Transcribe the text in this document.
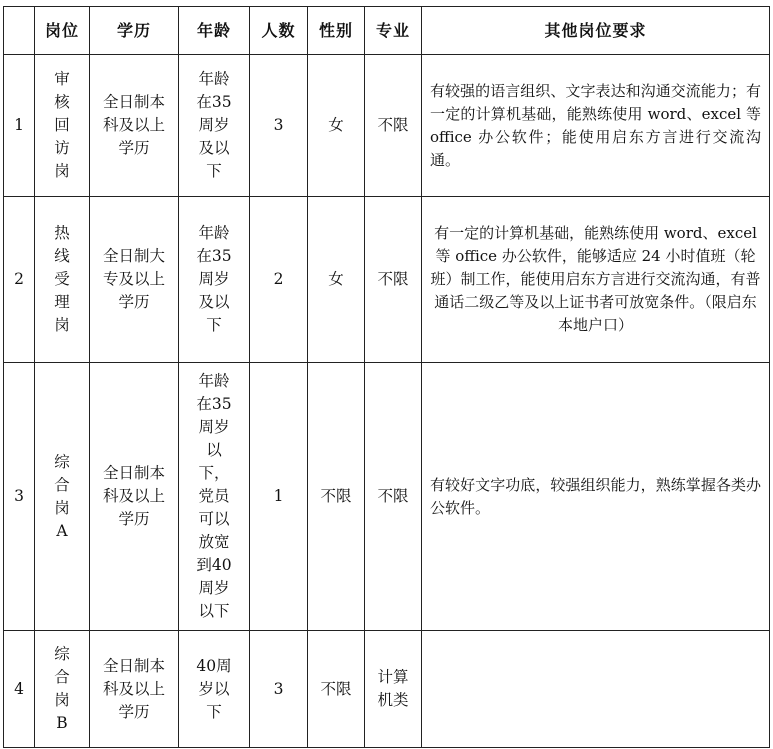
	岗位	学历	年龄	人数	性别	专业	其他岗位要求
1	审核回访岗	全日制本科及以上学历	年龄在35周岁及以下	3	女	不限	有较强的语言组织、文字表达和沟通交流能力；有一定的计算机基础，能熟练使用 word、excel 等 office 办公软件；能使用启东方言进行交流沟通。
2	热线受理岗	全日制大专及以上学历	年龄在35周岁及以下	2	女	不限	有一定的计算机基础，能熟练使用 word、excel 等 office 办公软件，能够适应 24 小时值班（轮班）制工作，能使用启东方言进行交流沟通，有普通话二级乙等及以上证书者可放宽条件。（限启东本地户口）
3	综合岗 A	全日制本科及以上学历	年龄在35周岁以下，党员可以放宽到40周岁以下	1	不限	不限	有较好文字功底，较强组织能力，熟练掌握各类办公软件。
4	综合岗 B	全日制本科及以上学历	40周岁以下	3	不限	计算机类	
